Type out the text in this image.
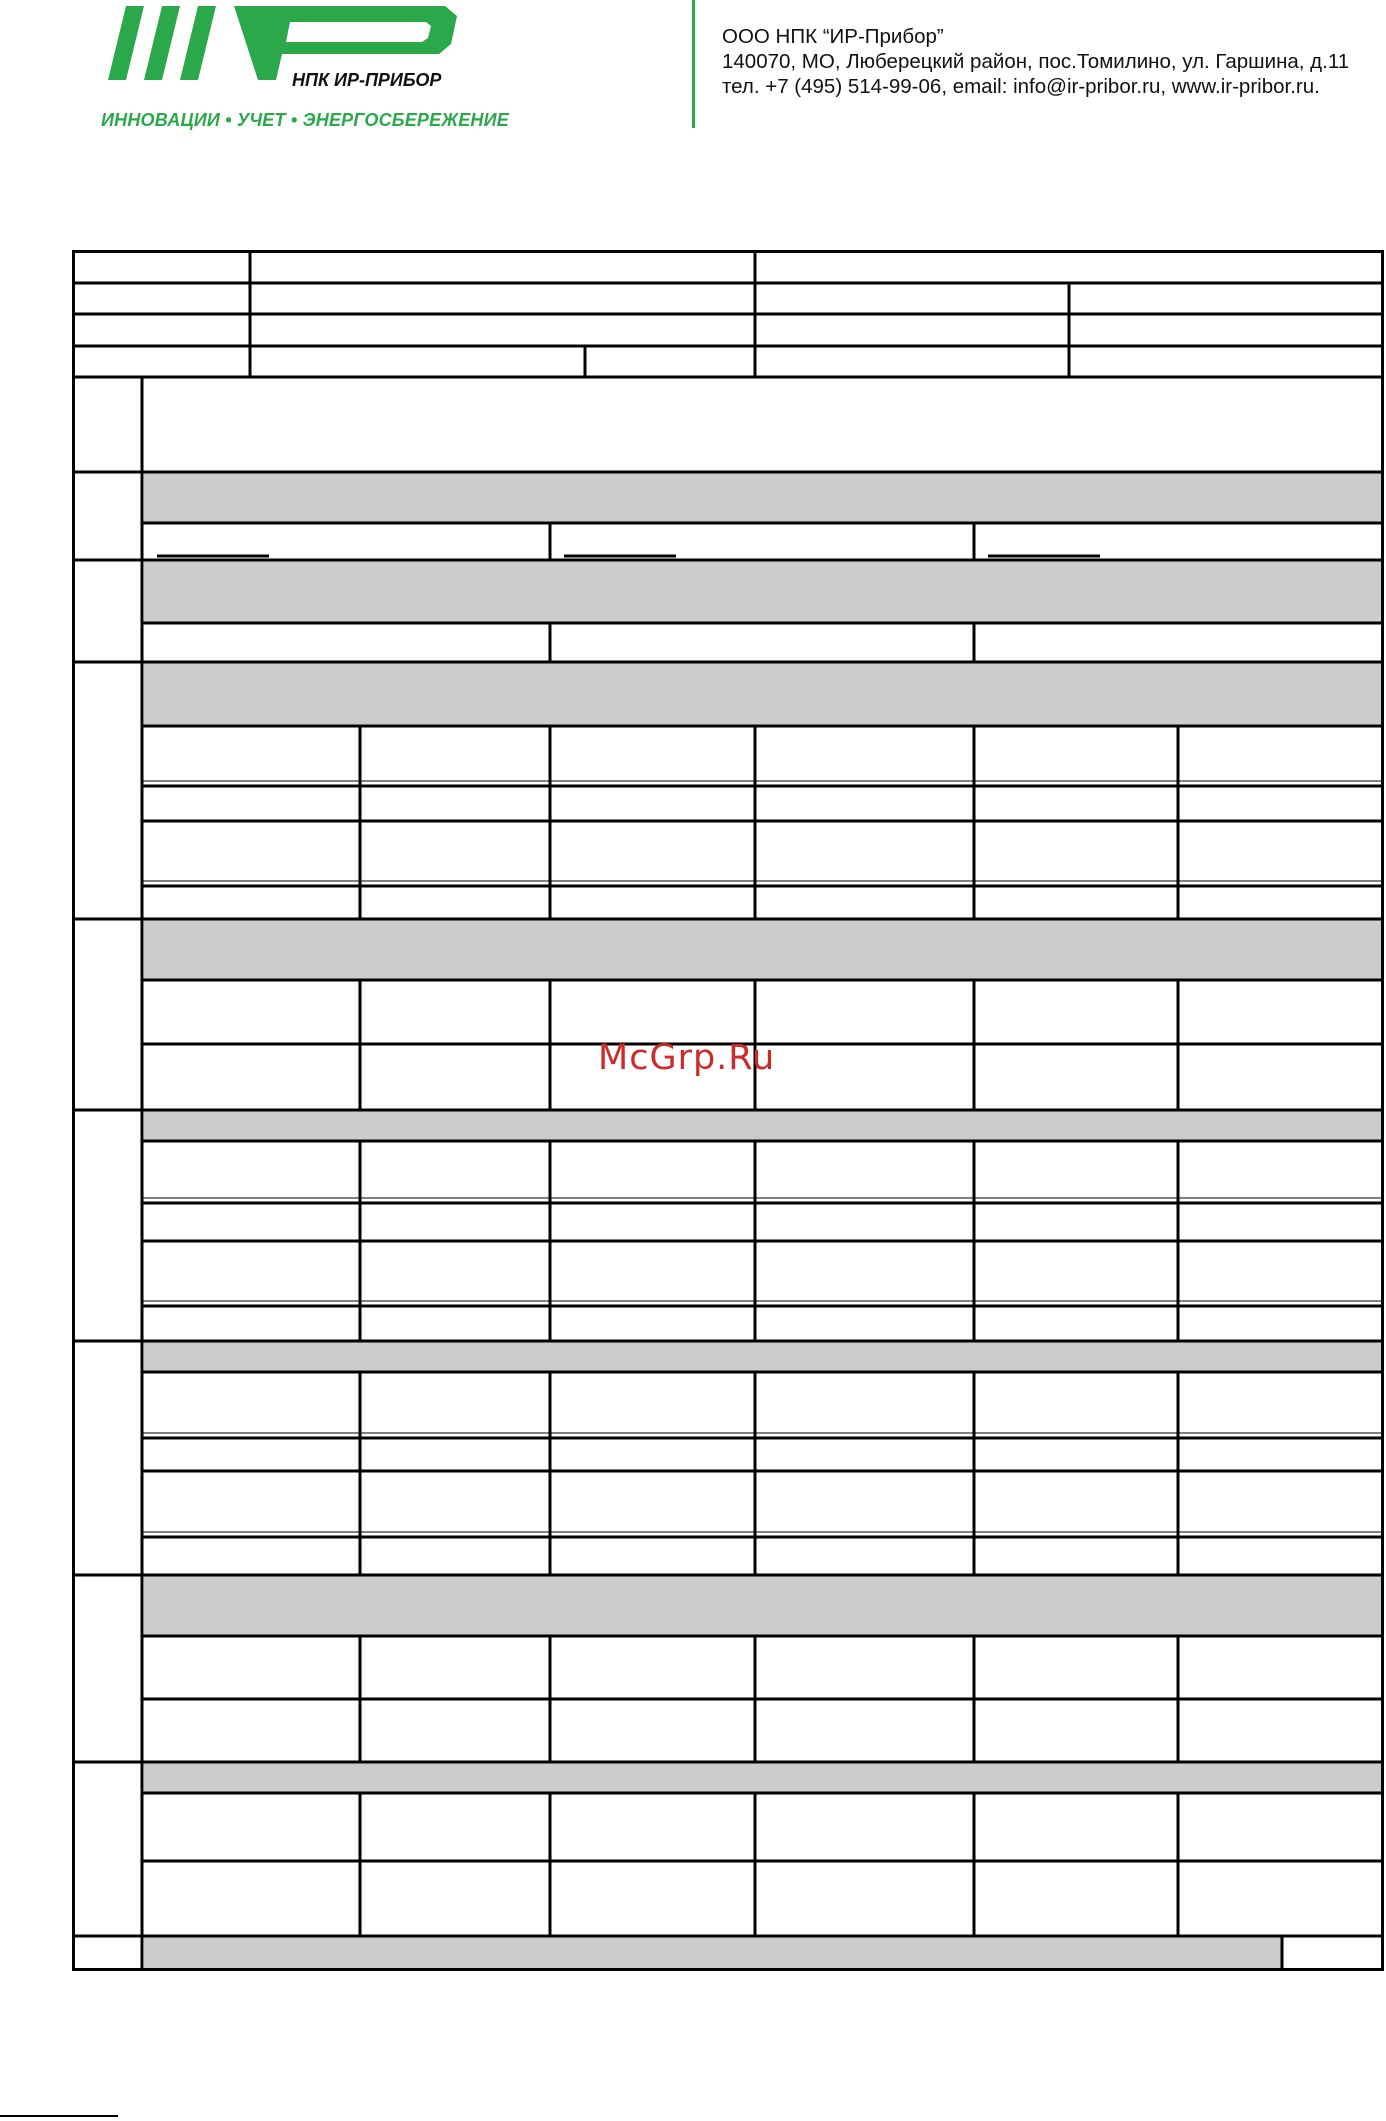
НПК ИР-ПРИБОР
ИННОВАЦИИ • УЧЕТ • ЭНЕРГОСБЕРЕЖЕНИЕ
ООО НПК “ИР-Прибор”
140070, МО, Люберецкий район, пос.Томилино, ул. Гаршина, д.11
тел. +7 (495) 514-99-06, email: info@ir-pribor.ru, www.ir-pribor.ru.
McGrp.Ru
